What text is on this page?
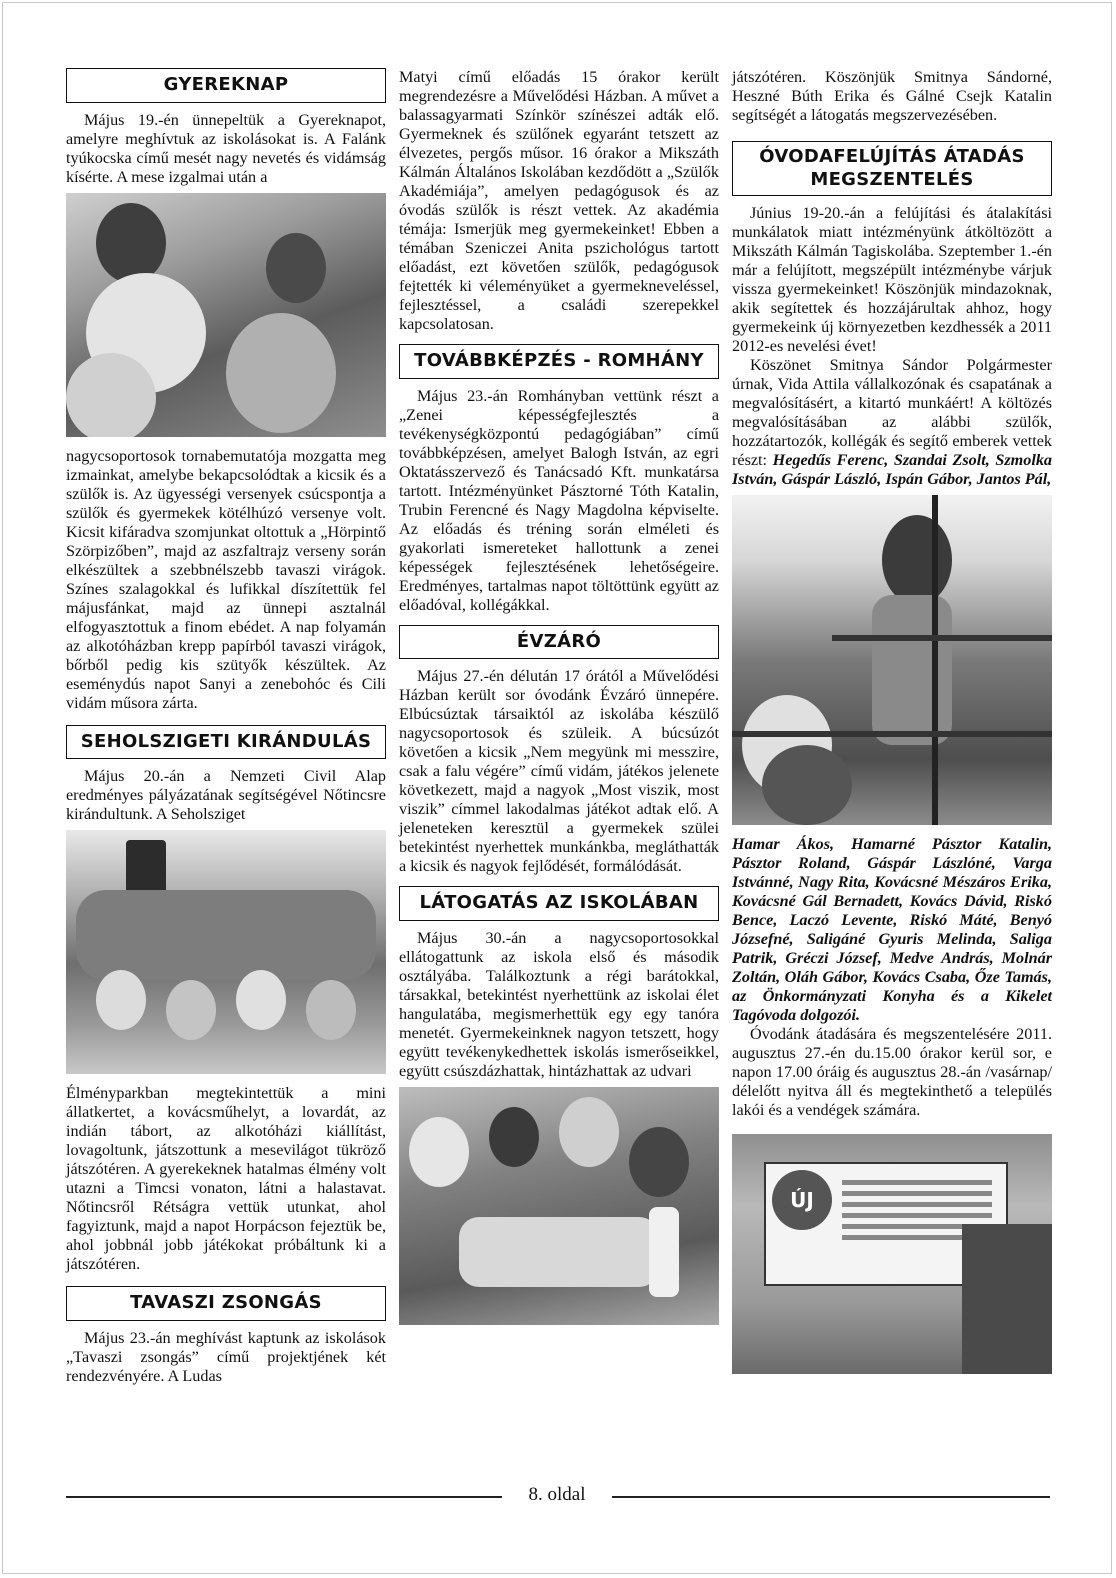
GYEREKNAP

Május 19.-én ünnepeltük a Gyereknapot, amelyre meghívtuk az iskolásokat is. A Falánk tyúkocska című mesét nagy nevetés és vidámság kísérte. A mese izgalmai után a

nagycsoportosok tornabemutatója mozgatta meg izmainkat, amelybe bekapcsolódtak a kicsik és a szülők is. Az ügyességi versenyek csúcspontja a szülők és gyermekek kötélhúzó versenye volt. Kicsit kifáradva szomjunkat oltottuk a „Hörpintő Szörpizőben”, majd az aszfaltrajz verseny során elkészültek a szebbnélszebb tavaszi virágok. Színes szalagokkal és lufikkal díszítettük fel májusfánkat, majd az ünnepi asztalnál elfogyasztottuk a finom ebédet. A nap folyamán az alkotóházban krepp papírból tavaszi virágok, bőrből pedig kis szütyők készültek. Az eseménydús napot Sanyi a zenebohóc és Cili vidám műsora zárta.

SEHOLSZIGETI KIRÁNDULÁS

Május 20.-án a Nemzeti Civil Alap eredményes pályázatának segítségével Nőtincsre kirándultunk. A Seholsziget

Élményparkban megtekintettük a mini állatkertet, a kovácsműhelyt, a lovardát, az indián tábort, az alkotóházi kiállítást, lovagoltunk, játszottunk a mesevilágot tükröző játszótéren. A gyerekeknek hatalmas élmény volt utazni a Timcsi vonaton, látni a halastavat. Nőtincsről Rétságra vettük utunkat, ahol fagyiztunk, majd a napot Horpácson fejeztük be, ahol jobbnál jobb játékokat próbáltunk ki a játszótéren.

TAVASZI ZSONGÁS

Május 23.-án meghívást kaptunk az iskolások „Tavaszi zsongás” című projektjének két rendezvényére. A Ludas

Matyi című előadás 15 órakor került megrendezésre a Művelődési Házban. A művet a balassagyarmati Színkör színészei adták elő. Gyermeknek és szülőnek egyaránt tetszett az élvezetes, pergős műsor. 16 órakor a Mikszáth Kálmán Általános Iskolában kezdődött a „Szülők Akadémiája”, amelyen pedagógusok és az óvodás szülők is részt vettek. Az akadémia témája: Ismerjük meg gyermekeinket! Ebben a témában Szeniczei Anita pszichológus tartott előadást, ezt követően szülők, pedagógusok fejtették ki véleményüket a gyermekneveléssel, fejlesztéssel, a családi szerepekkel kapcsolatosan.

TOVÁBBKÉPZÉS - ROMHÁNY

Május 23.-án Romhányban vettünk részt a „Zenei képességfejlesztés a tevékenységközpontú pedagógiában” című továbbképzésen, amelyet Balogh István, az egri Oktatásszervező és Tanácsadó Kft. munkatársa tartott. Intézményünket Pásztorné Tóth Katalin, Trubin Ferencné és Nagy Magdolna képviselte. Az előadás és tréning során elméleti és gyakorlati ismereteket hallottunk a zenei képességek fejlesztésének lehetőségeire. Eredményes, tartalmas napot töltöttünk együtt az előadóval, kollégákkal.

ÉVZÁRÓ

Május 27.-én délután 17 órától a Művelődési Házban került sor óvodánk Évzáró ünnepére. Elbúcsúztak társaiktól az iskolába készülő nagycsoportosok és szüleik. A búcsúzót követően a kicsik „Nem megyünk mi messzire, csak a falu végére” című vidám, játékos jelenete következett, majd a nagyok „Most viszik, most viszik” címmel lakodalmas játékot adtak elő. A jeleneteken keresztül a gyermekek szülei betekintést nyerhettek munkánkba, megláthatták a kicsik és nagyok fejlődését, formálódását.

LÁTOGATÁS AZ ISKOLÁBAN

Május 30.-án a nagycsoportosokkal ellátogattunk az iskola első és második osztályába. Találkoztunk a régi barátokkal, társakkal, betekintést nyerhettünk az iskolai élet hangulatába, megismerhettük egy egy tanóra menetét. Gyermekeinknek nagyon tetszett, hogy együtt tevékenykedhettek iskolás ismerőseikkel, együtt csúszdázhattak, hintázhattak az udvari

játszótéren. Köszönjük Smitnya Sándorné, Heszné Búth Erika és Gálné Csejk Katalin segítségét a látogatás megszervezésében.

ÓVODAFELÚJÍTÁS ÁTADÁS
MEGSZENTELÉS

Június 19-20.-án a felújítási és átalakítási munkálatok miatt intézményünk átköltözött a Mikszáth Kálmán Tagiskolába. Szeptember 1.-én már a felújított, megszépült intézménybe várjuk vissza gyermekeinket! Köszönjük mindazoknak, akik segítettek és hozzájárultak ahhoz, hogy gyermekeink új környezetben kezdhessék a 2011 2012-es nevelési évet!

Köszönet Smitnya Sándor Polgármester úrnak, Vida Attila vállalkozónak és csapatának a megvalósításért, a kitartó munkáért! A költözés megvalósításában az alábbi szülők, hozzátartozók, kollégák és segítő emberek vettek részt: Hegedűs Ferenc, Szandai Zsolt, Szmolka István, Gáspár László, Ispán Gábor, Jantos Pál,

Hamar Ákos, Hamarné Pásztor Katalin, Pásztor Roland, Gáspár Lászlóné, Varga Istvánné, Nagy Rita, Kovácsné Mészáros Erika, Kovácsné Gál Bernadett, Kovács Dávid, Riskó Bence, Laczó Levente, Riskó Máté, Benyó Józsefné, Saligáné Gyuris Melinda, Saliga Patrik, Gréczi József, Medve András, Molnár Zoltán, Oláh Gábor, Kovács Csaba, Őze Tamás, az Önkormányzati Konyha és a Kikelet Tagóvoda dolgozói.

Óvodánk átadására és megszentelésére 2011. augusztus 27.-én du.15.00 órakor kerül sor, e napon 17.00 óráig és augusztus 28.-án /vasárnap/ délelőtt nyitva áll és megtekinthető a település lakói és a vendégek számára.

ÚJ
8. oldal
